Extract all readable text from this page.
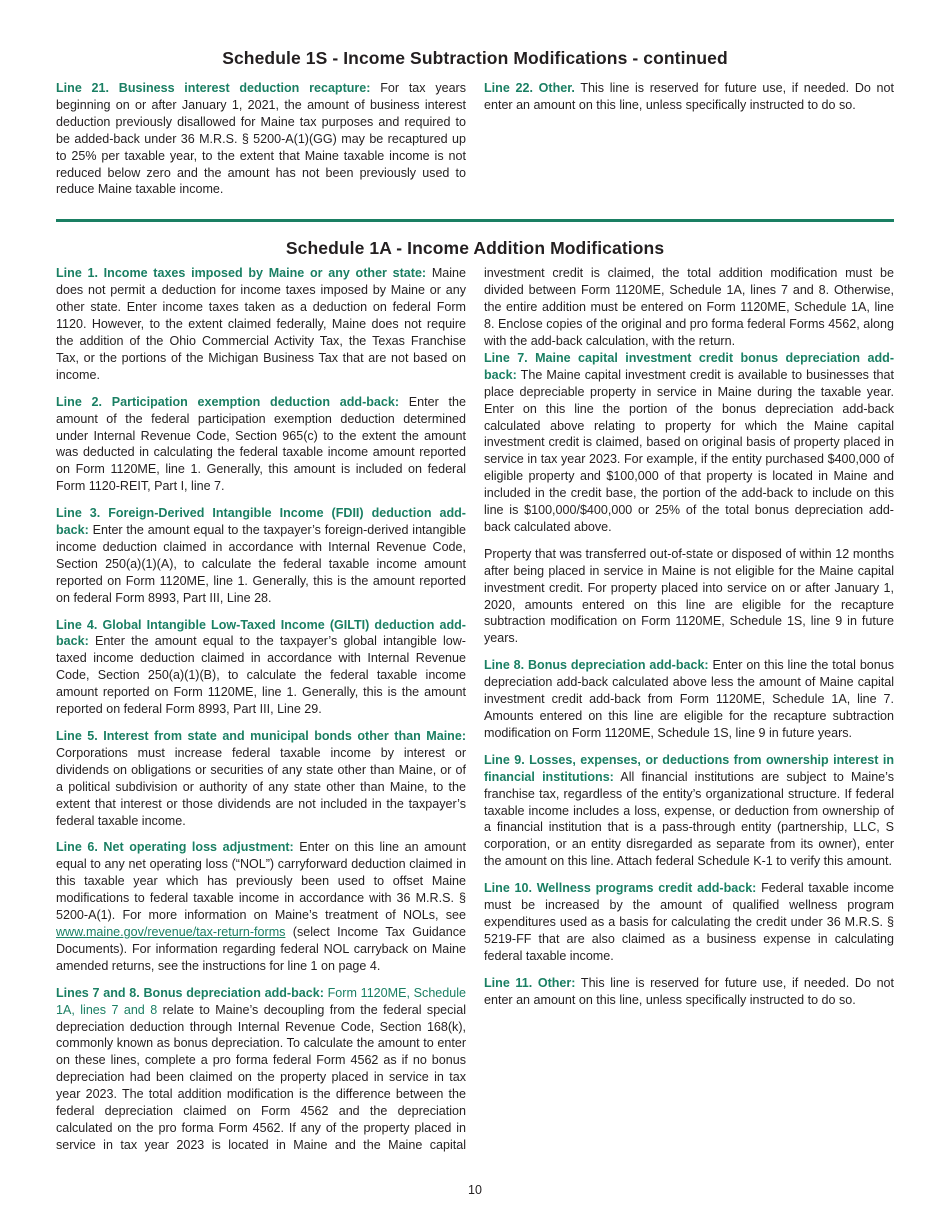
Schedule 1S - Income Subtraction Modifications - continued

Line 21. Business interest deduction recapture: For tax years beginning on or after January 1, 2021, the amount of business interest deduction previously disallowed for Maine tax purposes and required to be added-back under 36 M.R.S. § 5200-A(1)(GG) may be recaptured up to 25% per taxable year, to the extent that Maine taxable income is not reduced below zero and the amount has not been previously used to reduce Maine taxable income.

Line 22. Other. This line is reserved for future use, if needed. Do not enter an amount on this line, unless specifically instructed to do so.

Schedule 1A - Income Addition Modifications

Line 1. Income taxes imposed by Maine or any other state: Maine does not permit a deduction for income taxes imposed by Maine or any other state. Enter income taxes taken as a deduction on federal Form 1120. However, to the extent claimed federally, Maine does not require the addition of the Ohio Commercial Activity Tax, the Texas Franchise Tax, or the portions of the Michigan Business Tax that are not based on income.

Line 2. Participation exemption deduction add-back: Enter the amount of the federal participation exemption deduction determined under Internal Revenue Code, Section 965(c) to the extent the amount was deducted in calculating the federal taxable income amount reported on Form 1120ME, line 1. Generally, this amount is included on federal Form 1120-REIT, Part I, line 7.

Line 3. Foreign-Derived Intangible Income (FDII) deduction add-back: Enter the amount equal to the taxpayer’s foreign-derived intangible income deduction claimed in accordance with Internal Revenue Code, Section 250(a)(1)(A), to calculate the federal taxable income amount reported on Form 1120ME, line 1. Generally, this is the amount reported on federal Form 8993, Part III, Line 28.

Line 4. Global Intangible Low-Taxed Income (GILTI) deduction add-back: Enter the amount equal to the taxpayer’s global intangible low-taxed income deduction claimed in accordance with Internal Revenue Code, Section 250(a)(1)(B), to calculate the federal taxable income amount reported on Form 1120ME, line 1. Generally, this is the amount reported on federal Form 8993, Part III, Line 29.

Line 5. Interest from state and municipal bonds other than Maine: Corporations must increase federal taxable income by interest or dividends on obligations or securities of any state other than Maine, or of a political subdivision or authority of any state other than Maine, to the extent that interest or those dividends are not included in the taxpayer’s federal taxable income.

Line 6. Net operating loss adjustment: Enter on this line an amount equal to any net operating loss (“NOL”) carryforward deduction claimed in this taxable year which has previously been used to offset Maine modifications to federal taxable income in accordance with 36 M.R.S. § 5200-A(1). For more information on Maine’s treatment of NOLs, see www.maine.gov/revenue/tax-return-forms (select Income Tax Guidance Documents). For information regarding federal NOL carryback on Maine amended returns, see the instructions for line 1 on page 4.

Lines 7 and 8. Bonus depreciation add-back: Form 1120ME, Schedule 1A, lines 7 and 8 relate to Maine’s decoupling from the federal special depreciation deduction through Internal Revenue Code, Section 168(k), commonly known as bonus depreciation. To calculate the amount to enter on these lines, complete a pro forma federal Form 4562 as if no bonus depreciation had been claimed on the property placed in service in tax year 2023. The total addition modification is the difference between the federal depreciation claimed on Form 4562 and the depreciation calculated on the pro forma Form 4562. If any of the property placed in service in tax year 2023 is located in Maine and the Maine capital investment credit is claimed, the total addition modification must be divided between Form 1120ME, Schedule 1A, lines 7 and 8. Otherwise, the entire addition must be entered on Form 1120ME, Schedule 1A, line 8. Enclose copies of the original and pro forma federal Forms 4562, along with the add-back calculation, with the return.

Line 7. Maine capital investment credit bonus depreciation add-back: The Maine capital investment credit is available to businesses that place depreciable property in service in Maine during the taxable year. Enter on this line the portion of the bonus depreciation add-back calculated above relating to property for which the Maine capital investment credit is claimed, based on original basis of property placed in service in tax year 2023. For example, if the entity purchased $400,000 of eligible property and $100,000 of that property is located in Maine and included in the credit base, the portion of the add-back to include on this line is $100,000/$400,000 or 25% of the total bonus depreciation add-back calculated above.

Property that was transferred out-of-state or disposed of within 12 months after being placed in service in Maine is not eligible for the Maine capital investment credit. For property placed into service on or after January 1, 2020, amounts entered on this line are eligible for the recapture subtraction modification on Form 1120ME, Schedule 1S, line 9 in future years.

Line 8. Bonus depreciation add-back: Enter on this line the total bonus depreciation add-back calculated above less the amount of Maine capital investment credit add-back from Form 1120ME, Schedule 1A, line 7. Amounts entered on this line are eligible for the recapture subtraction modification on Form 1120ME, Schedule 1S, line 9 in future years.

Line 9. Losses, expenses, or deductions from ownership interest in financial institutions: All financial institutions are subject to Maine’s franchise tax, regardless of the entity’s organizational structure. If federal taxable income includes a loss, expense, or deduction from ownership of a financial institution that is a pass-through entity (partnership, LLC, S corporation, or an entity disregarded as separate from its owner), enter the amount on this line. Attach federal Schedule K-1 to verify this amount.

Line 10. Wellness programs credit add-back: Federal taxable income must be increased by the amount of qualified wellness program expenditures used as a basis for calculating the credit under 36 M.R.S. § 5219-FF that are also claimed as a business expense in calculating federal taxable income.

Line 11. Other: This line is reserved for future use, if needed. Do not enter an amount on this line, unless specifically instructed to do so.

10
